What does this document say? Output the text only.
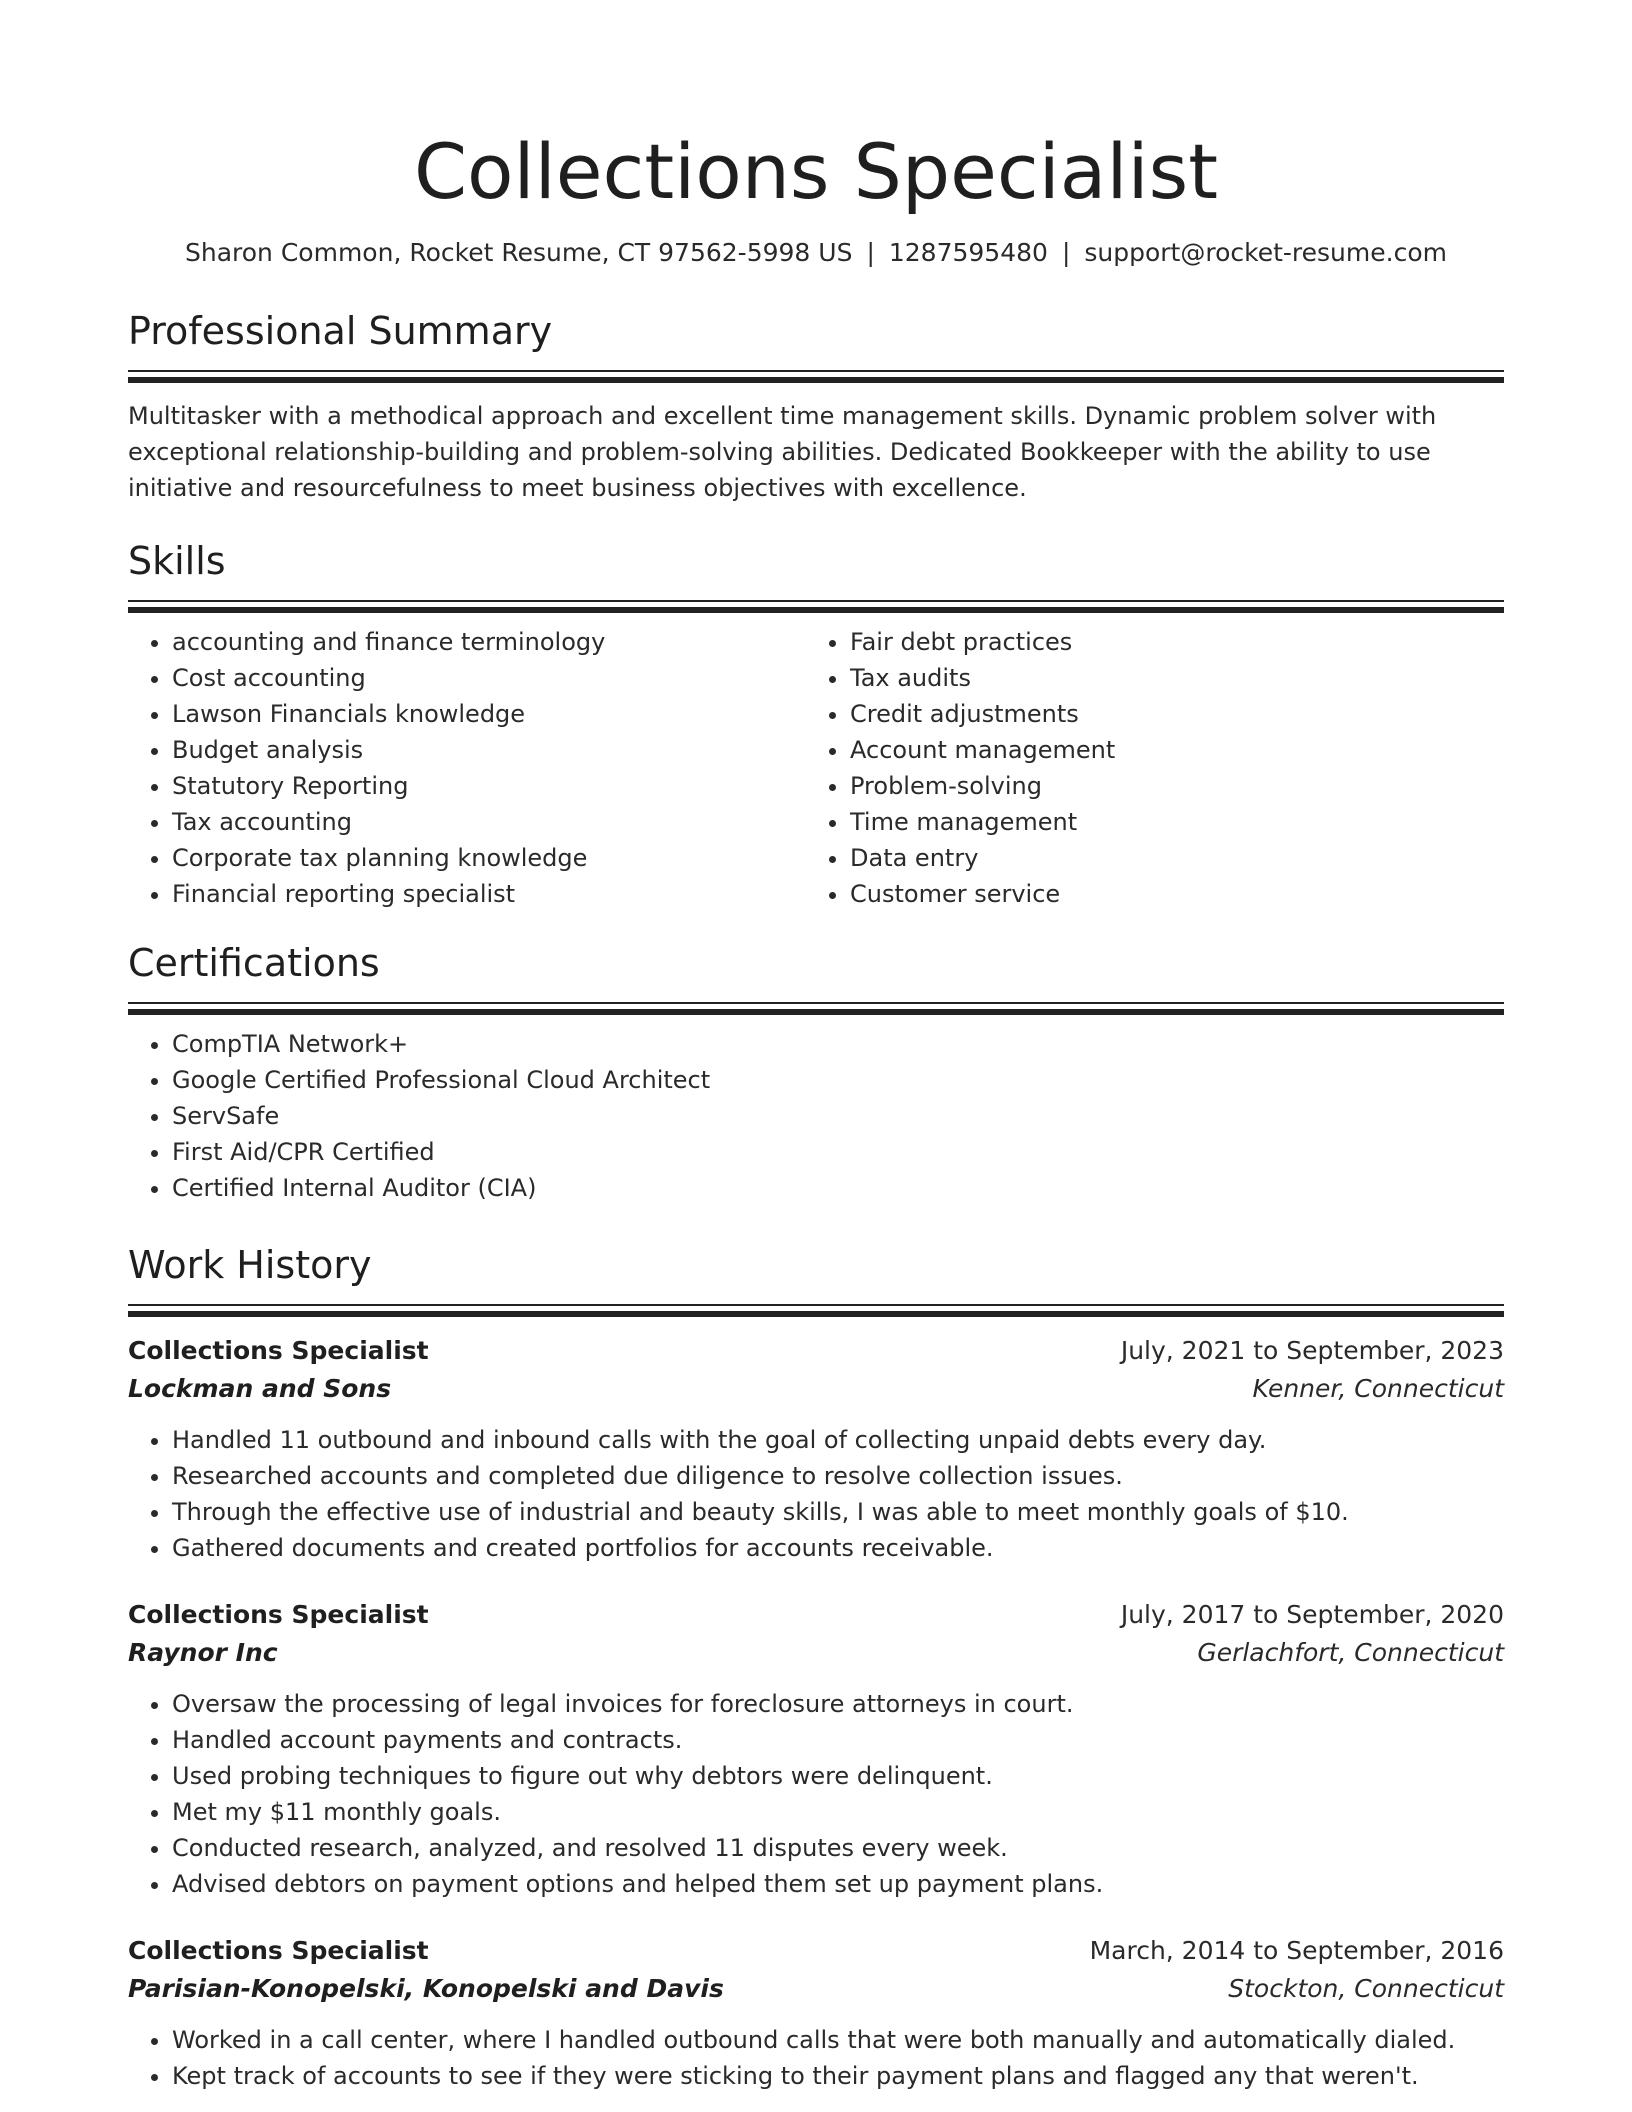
Collections Specialist
Sharon Common, Rocket Resume, CT 97562-5998 US | 1287595480 | support@rocket-resume.com
Professional Summary
Multitasker with a methodical approach and excellent time management skills. Dynamic problem solver with exceptional relationship-building and problem-solving abilities. Dedicated Bookkeeper with the ability to use initiative and resourcefulness to meet business objectives with excellence.
Skills
• accounting and finance terminology
• Cost accounting
• Lawson Financials knowledge
• Budget analysis
• Statutory Reporting
• Tax accounting
• Corporate tax planning knowledge
• Financial reporting specialist
• Fair debt practices
• Tax audits
• Credit adjustments
• Account management
• Problem-solving
• Time management
• Data entry
• Customer service
Certifications
• CompTIA Network+
• Google Certified Professional Cloud Architect
• ServSafe
• First Aid/CPR Certified
• Certified Internal Auditor (CIA)
Work History
Collections Specialist	July, 2021 to September, 2023
Lockman and Sons	Kenner, Connecticut
• Handled 11 outbound and inbound calls with the goal of collecting unpaid debts every day.
• Researched accounts and completed due diligence to resolve collection issues.
• Through the effective use of industrial and beauty skills, I was able to meet monthly goals of $10.
• Gathered documents and created portfolios for accounts receivable.
Collections Specialist	July, 2017 to September, 2020
Raynor Inc	Gerlachfort, Connecticut
• Oversaw the processing of legal invoices for foreclosure attorneys in court.
• Handled account payments and contracts.
• Used probing techniques to figure out why debtors were delinquent.
• Met my $11 monthly goals.
• Conducted research, analyzed, and resolved 11 disputes every week.
• Advised debtors on payment options and helped them set up payment plans.
Collections Specialist	March, 2014 to September, 2016
Parisian-Konopelski, Konopelski and Davis	Stockton, Connecticut
• Worked in a call center, where I handled outbound calls that were both manually and automatically dialed.
• Kept track of accounts to see if they were sticking to their payment plans and flagged any that weren't.
